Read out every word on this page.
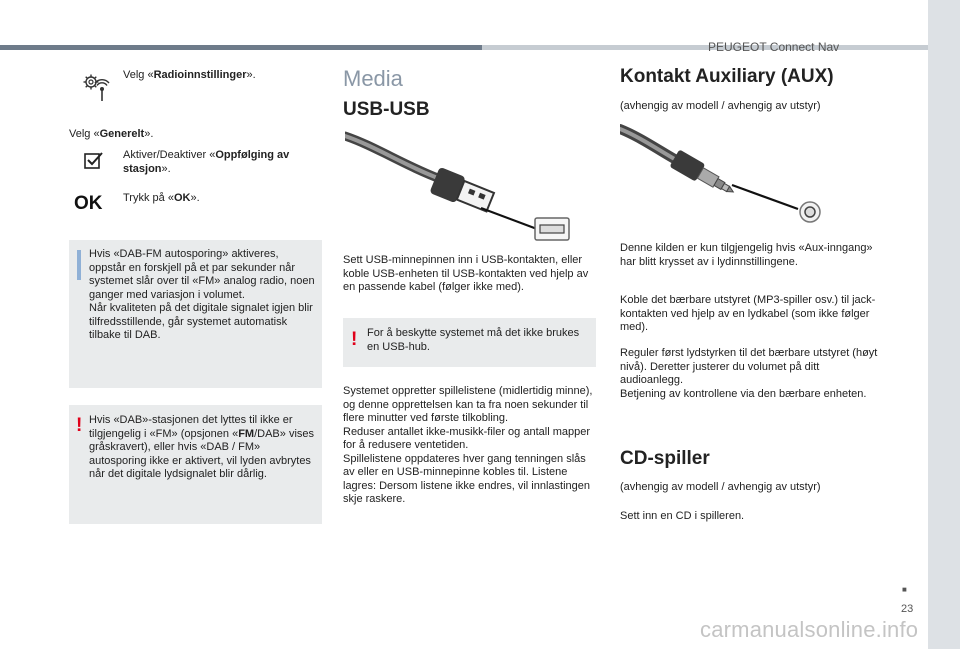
PEUGEOT Connect Nav
Velg «Radioinnstillinger».
Velg «Generelt».
Aktiver/Deaktiver «Oppfølging av stasjon».
OK Trykk på «OK».
Hvis «DAB-FM autosporing» aktiveres, oppstår en forskjell på et par sekunder når systemet slår over til «FM» analog radio, noen ganger med variasjon i volumet.
Når kvaliteten på det digitale signalet igjen blir tilfredsstillende, går systemet automatisk tilbake til DAB.
! Hvis «DAB»-stasjonen det lyttes til ikke er tilgjengelig i «FM» (opsjonen «FM/DAB» vises gråskravert), eller hvis «DAB / FM» autosporing ikke er aktivert, vil lyden avbrytes når det digitale lydsignalet blir dårlig.
Media
USB-USB
Sett USB-minnepinnen inn i USB-kontakten, eller koble USB-enheten til USB-kontakten ved hjelp av en passende kabel (følger ikke med).
! For å beskytte systemet må det ikke brukes en USB-hub.
Systemet oppretter spillelistene (midlertidig minne), og denne opprettelsen kan ta fra noen sekunder til flere minutter ved første tilkobling.
Reduser antallet ikke-musikk-filer og antall mapper for å redusere ventetiden.
Spillelistene oppdateres hver gang tenningen slås av eller en USB-minnepinne kobles til. Listene lagres: Dersom listene ikke endres, vil innlastingen skje raskere.
Kontakt Auxiliary (AUX)
(avhengig av modell / avhengig av utstyr)
Denne kilden er kun tilgjengelig hvis «Aux-inngang» har blitt krysset av i lydinnstillingene.
Koble det bærbare utstyret (MP3-spiller osv.) til jack-kontakten ved hjelp av en lydkabel (som ikke følger med).
Reguler først lydstyrken til det bærbare utstyret (høyt nivå). Deretter justerer du volumet på ditt audioanlegg.
Betjening av kontrollene via den bærbare enheten.
CD-spiller
(avhengig av modell / avhengig av utstyr)
Sett inn en CD i spilleren.
■
23
carmanualsonline.info
